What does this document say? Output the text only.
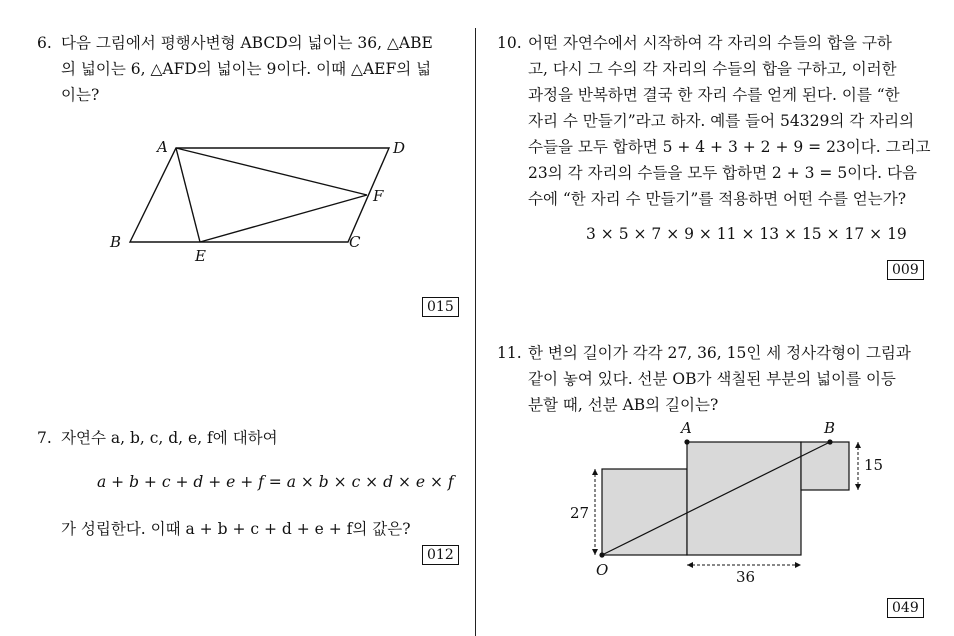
6. 다음 그림에서 평행사변형 ABCD의 넓이는 36, △ABE

의 넓이는 6, △AFD의 넓이는 9이다. 이때 △AEF의 넓

이는?

A	D
F
B	C
E
015
7. 자연수 a, b, c, d, e, f에 대하여

a + b + c + d + e + f = a × b × c × d × e × f

가 성립한다. 이때 a + b + c + d + e + f의 값은?

012
10. 어떤 자연수에서 시작하여 각 자리의 수들의 합을 구하

고, 다시 그 수의 각 자리의 수들의 합을 구하고, 이러한

과정을 반복하면 결국 한 자리 수를 얻게 된다. 이를 “한

자리 수 만들기”라고 하자. 예를 들어 54329의 각 자리의

수들을 모두 합하면 5 + 4 + 3 + 2 + 9 = 23이다. 그리고

23의 각 자리의 수들을 모두 합하면 2 + 3 = 5이다. 다음

수에 “한 자리 수 만들기”를 적용하면 어떤 수를 얻는가?

3 × 5 × 7 × 9 × 11 × 13 × 15 × 17 × 19
009
11. 한 변의 길이가 각각 27, 36, 15인 세 정사각형이 그림과

같이 놓여 있다. 선분 OB가 색칠된 부분의 넓이를 이등

분할 때, 선분 AB의 길이는?

A	B
O
27
36
15
049
